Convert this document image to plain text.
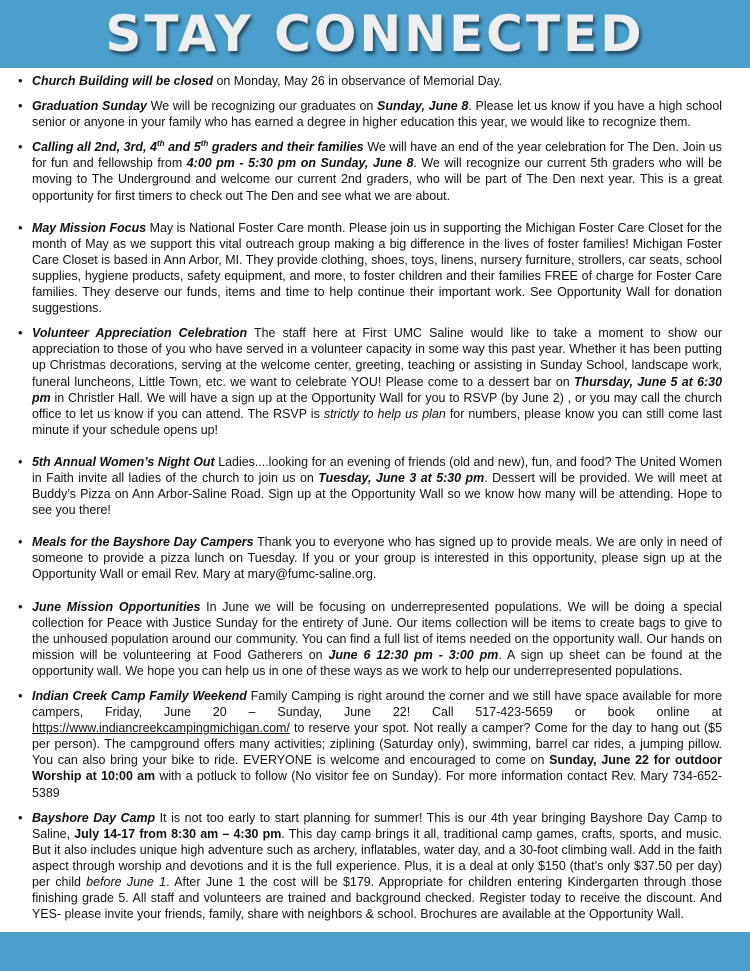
STAY CONNECTED
• Church Building will be closed on Monday, May 26 in observance of Memorial Day.
• Graduation Sunday We will be recognizing our graduates on Sunday, June 8. Please let us know if you have a high school senior or anyone in your family who has earned a degree in higher education this year, we would like to recognize them.
• Calling all 2nd, 3rd, 4th and 5th graders and their families We will have an end of the year celebration for The Den. Join us for fun and fellowship from 4:00 pm - 5:30 pm on Sunday, June 8. We will recognize our current 5th graders who will be moving to The Underground and welcome our current 2nd graders, who will be part of The Den next year. This is a great opportunity for first timers to check out The Den and see what we are about.
• May Mission Focus May is National Foster Care month. Please join us in supporting the Michigan Foster Care Closet for the month of May as we support this vital outreach group making a big difference in the lives of foster families! Michigan Foster Care Closet is based in Ann Arbor, MI. They provide clothing, shoes, toys, linens, nursery furniture, strollers, car seats, school supplies, hygiene products, safety equipment, and more, to foster children and their families FREE of charge for Foster Care families. They deserve our funds, items and time to help continue their important work. See Opportunity Wall for donation suggestions.
• Volunteer Appreciation Celebration The staff here at First UMC Saline would like to take a moment to show our appreciation to those of you who have served in a volunteer capacity in some way this past year. Whether it has been putting up Christmas decorations, serving at the welcome center, greeting, teaching or assisting in Sunday School, landscape work, funeral luncheons, Little Town, etc. we want to celebrate YOU! Please come to a dessert bar on Thursday, June 5 at 6:30 pm in Christler Hall. We will have a sign up at the Opportunity Wall for you to RSVP (by June 2) , or you may call the church office to let us know if you can attend. The RSVP is strictly to help us plan for numbers, please know you can still come last minute if your schedule opens up!
• 5th Annual Women’s Night Out Ladies....looking for an evening of friends (old and new), fun, and food? The United Women in Faith invite all ladies of the church to join us on Tuesday, June 3 at 5:30 pm. Dessert will be provided. We will meet at Buddy’s Pizza on Ann Arbor-Saline Road. Sign up at the Opportunity Wall so we know how many will be attending. Hope to see you there!
• Meals for the Bayshore Day Campers Thank you to everyone who has signed up to provide meals. We are only in need of someone to provide a pizza lunch on Tuesday. If you or your group is interested in this opportunity, please sign up at the Opportunity Wall or email Rev. Mary at mary@fumc-saline.org.
• June Mission Opportunities In June we will be focusing on underrepresented populations. We will be doing a special collection for Peace with Justice Sunday for the entirety of June. Our items collection will be items to create bags to give to the unhoused population around our community. You can find a full list of items needed on the opportunity wall. Our hands on mission will be volunteering at Food Gatherers on June 6 12:30 pm - 3:00 pm. A sign up sheet can be found at the opportunity wall. We hope you can help us in one of these ways as we work to help our underrepresented populations.
• Indian Creek Camp Family Weekend Family Camping is right around the corner and we still have space available for more campers, Friday, June 20 – Sunday, June 22! Call 517-423-5659 or book online at https://www.indiancreekcampingmichigan.com/ to reserve your spot. Not really a camper? Come for the day to hang out ($5 per person). The campground offers many activities; ziplining (Saturday only), swimming, barrel car rides, a jumping pillow. You can also bring your bike to ride. EVERYONE is welcome and encouraged to come on Sunday, June 22 for outdoor Worship at 10:00 am with a potluck to follow (No visitor fee on Sunday). For more information contact Rev. Mary 734-652-5389
• Bayshore Day Camp It is not too early to start planning for summer! This is our 4th year bringing Bayshore Day Camp to Saline, July 14-17 from 8:30 am – 4:30 pm. This day camp brings it all, traditional camp games, crafts, sports, and music. But it also includes unique high adventure such as archery, inflatables, water day, and a 30-foot climbing wall. Add in the faith aspect through worship and devotions and it is the full experience. Plus, it is a deal at only $150 (that’s only $37.50 per day) per child before June 1. After June 1 the cost will be $179. Appropriate for children entering Kindergarten through those finishing grade 5. All staff and volunteers are trained and background checked. Register today to receive the discount. And YES- please invite your friends, family, share with neighbors & school. Brochures are available at the Opportunity Wall.
